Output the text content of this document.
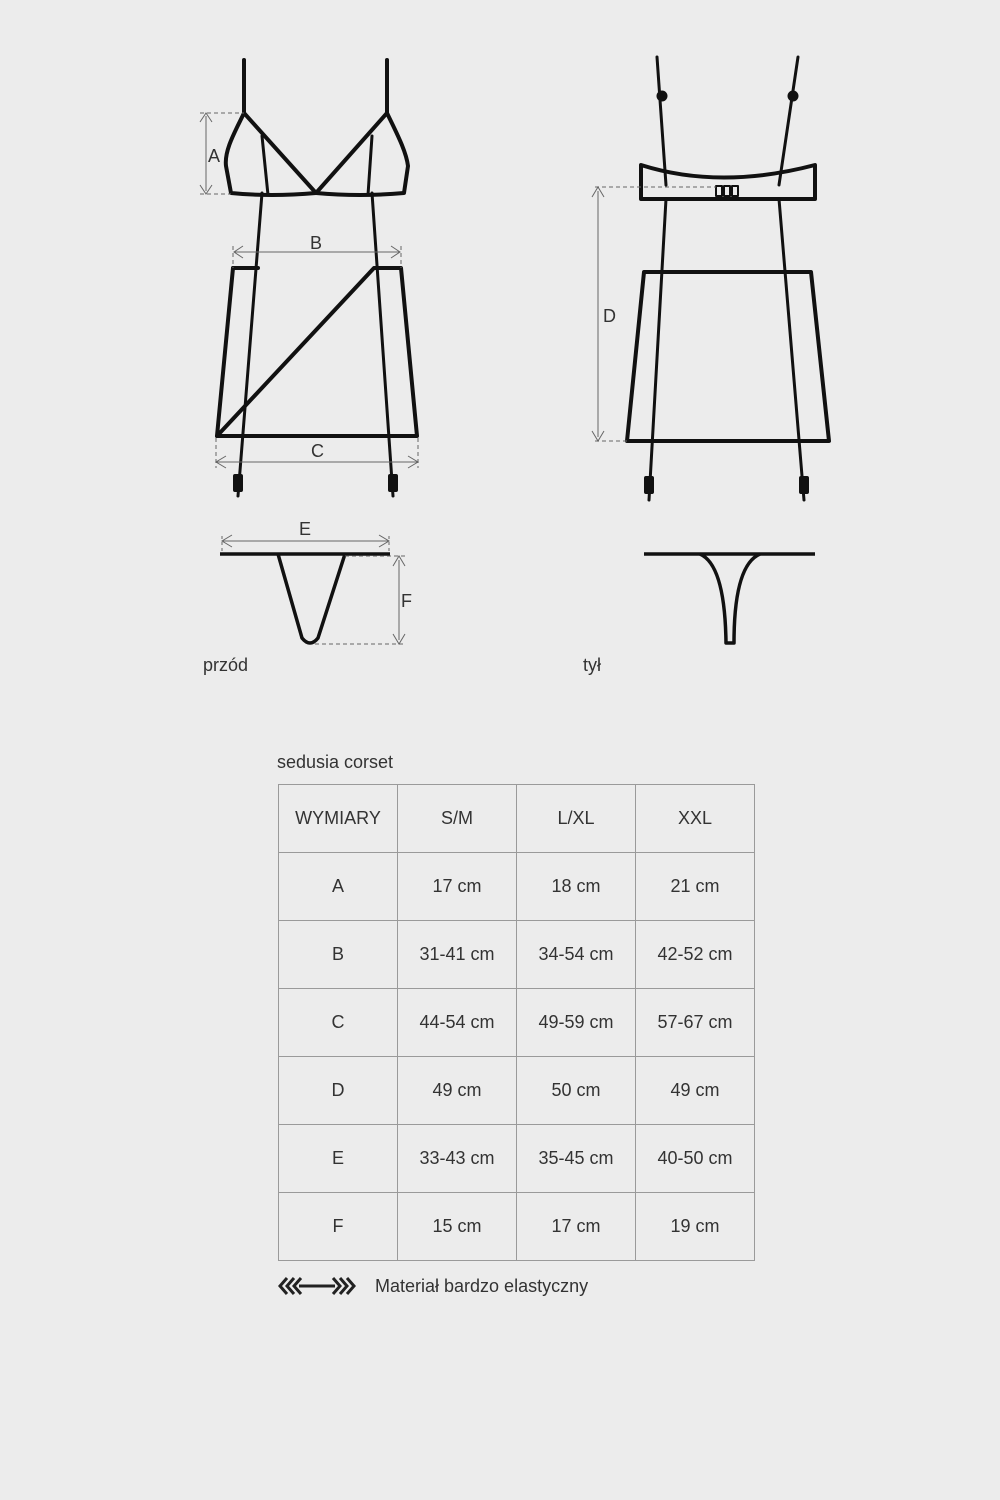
A
B
C
D
E
F
przód	tył
sedusia corset
WYMIARY	S/M	L/XL	XXL
A	17 cm	18 cm	21 cm
B	31-41 cm	34-54 cm	42-52 cm
C	44-54 cm	49-59 cm	57-67 cm
D	49 cm	50 cm	49 cm
E	33-43 cm	35-45 cm	40-50 cm
F	15 cm	17 cm	19 cm
Materiał bardzo elastyczny
